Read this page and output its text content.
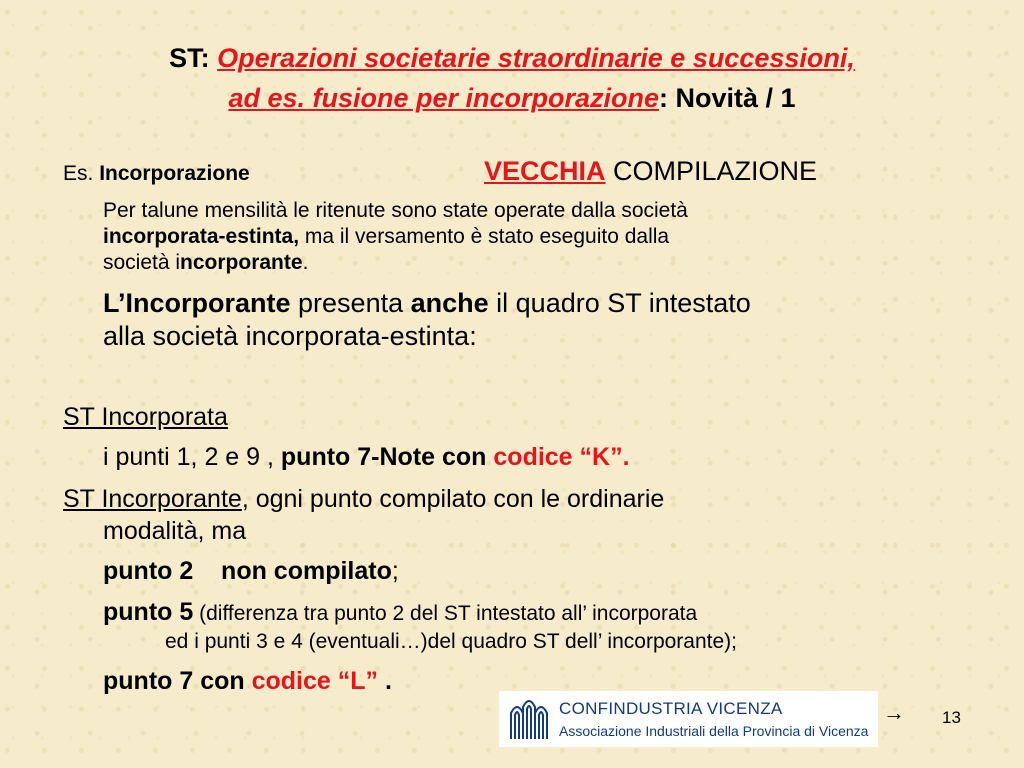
ST: Operazioni societarie straordinarie e successioni,
ad es. fusione per incorporazione: Novità / 1
Es. Incorporazione	VECCHIA COMPILAZIONE
Per talune mensilità le ritenute sono state operate dalla società
incorporata-estinta, ma il versamento è stato eseguito dalla
società incorporante.
L’Incorporante presenta anche il quadro ST intestato
alla società incorporata-estinta:
ST Incorporata
i punti 1, 2 e 9 , punto 7-Note con codice “K”.
ST Incorporante, ogni punto compilato con le ordinarie
modalità, ma
punto 2    non compilato;
punto 5 (differenza tra punto 2 del ST intestato all’ incorporata
ed i punti 3 e 4 (eventuali…)del quadro ST dell’ incorporante);
punto 7 con codice “L” .
CONFINDUSTRIA VICENZA
Associazione Industriali della Provincia di Vicenza
→ 13
